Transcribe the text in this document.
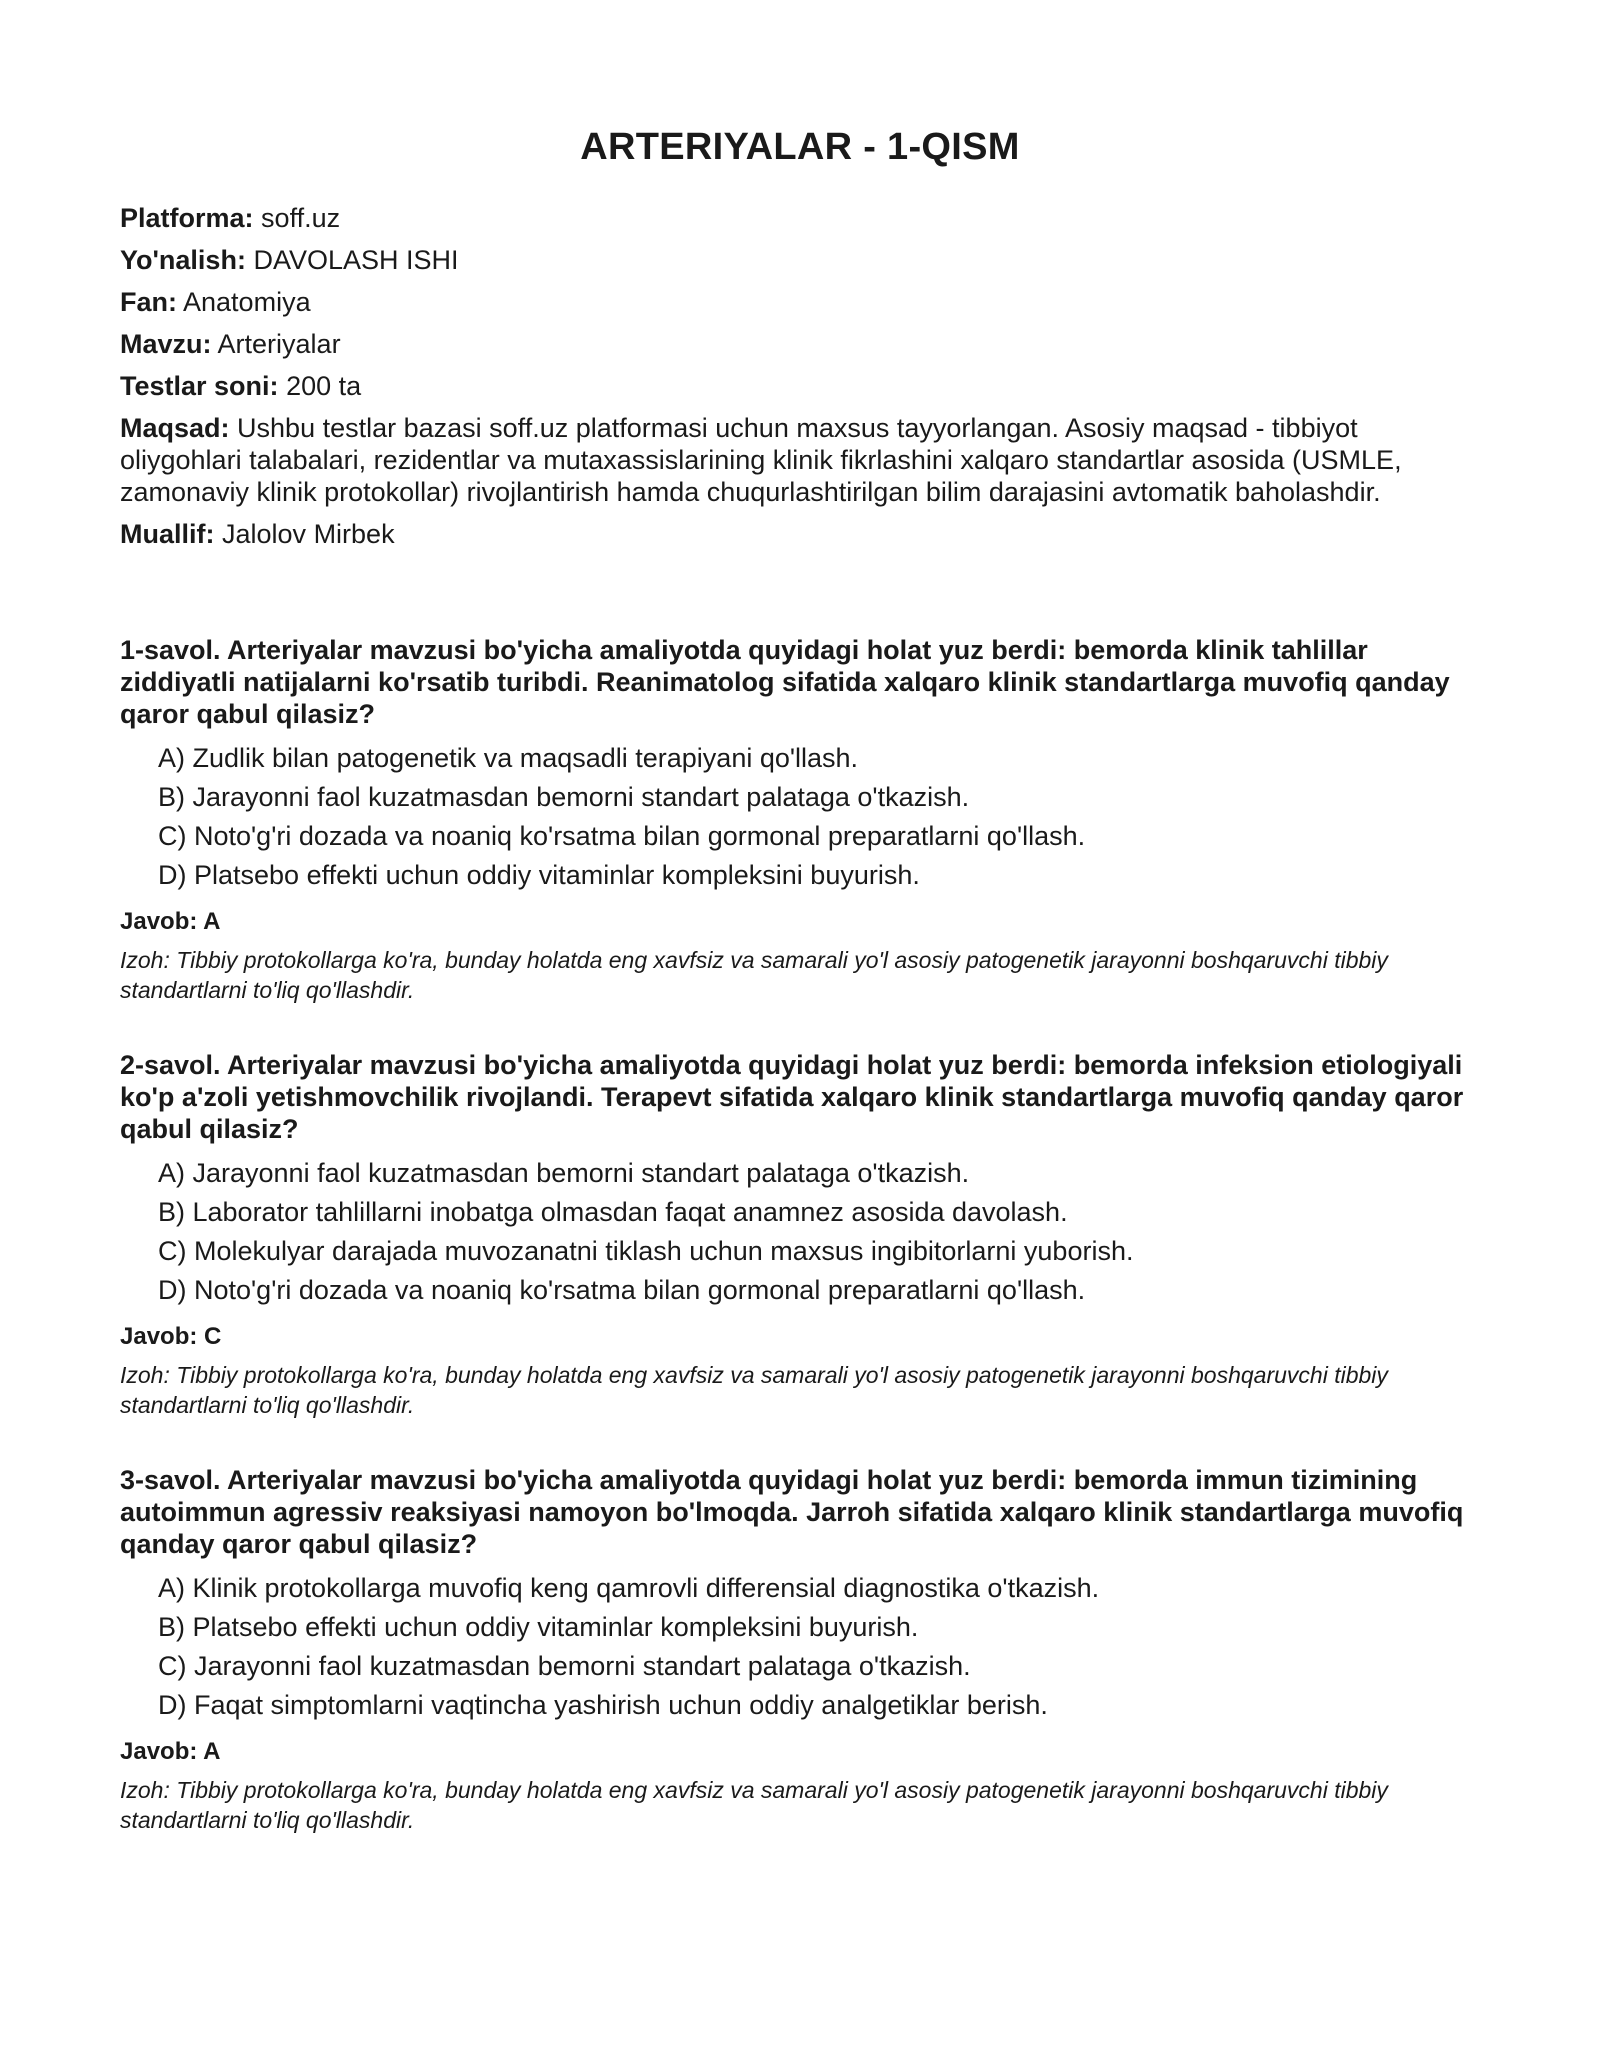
ARTERIYALAR - 1-QISM
Platforma: soff.uz
Yo'nalish: DAVOLASH ISHI
Fan: Anatomiya
Mavzu: Arteriyalar
Testlar soni: 200 ta
Maqsad: Ushbu testlar bazasi soff.uz platformasi uchun maxsus tayyorlangan. Asosiy maqsad - tibbiyot oliygohlari talabalari, rezidentlar va mutaxassislarining klinik fikrlashini xalqaro standartlar asosida (USMLE, zamonaviy klinik protokollar) rivojlantirish hamda chuqurlashtirilgan bilim darajasini avtomatik baholashdir.
Muallif: Jalolov Mirbek

1-savol. Arteriyalar mavzusi bo'yicha amaliyotda quyidagi holat yuz berdi: bemorda klinik tahlillar ziddiyatli natijalarni ko'rsatib turibdi. Reanimatolog sifatida xalqaro klinik standartlarga muvofiq qanday qaror qabul qilasiz?

A) Zudlik bilan patogenetik va maqsadli terapiyani qo'llash.
B) Jarayonni faol kuzatmasdan bemorni standart palataga o'tkazish.
C) Noto'g'ri dozada va noaniq ko'rsatma bilan gormonal preparatlarni qo'llash.
D) Platsebo effekti uchun oddiy vitaminlar kompleksini buyurish.
Javob: A

Izoh: Tibbiy protokollarga ko'ra, bunday holatda eng xavfsiz va samarali yo'l asosiy patogenetik jarayonni boshqaruvchi tibbiy standartlarni to'liq qo'llashdir.

2-savol. Arteriyalar mavzusi bo'yicha amaliyotda quyidagi holat yuz berdi: bemorda infeksion etiologiyali ko'p a'zoli yetishmovchilik rivojlandi. Terapevt sifatida xalqaro klinik standartlarga muvofiq qanday qaror qabul qilasiz?

A) Jarayonni faol kuzatmasdan bemorni standart palataga o'tkazish.
B) Laborator tahlillarni inobatga olmasdan faqat anamnez asosida davolash.
C) Molekulyar darajada muvozanatni tiklash uchun maxsus ingibitorlarni yuborish.
D) Noto'g'ri dozada va noaniq ko'rsatma bilan gormonal preparatlarni qo'llash.
Javob: C

Izoh: Tibbiy protokollarga ko'ra, bunday holatda eng xavfsiz va samarali yo'l asosiy patogenetik jarayonni boshqaruvchi tibbiy standartlarni to'liq qo'llashdir.

3-savol. Arteriyalar mavzusi bo'yicha amaliyotda quyidagi holat yuz berdi: bemorda immun tizimining autoimmun agressiv reaksiyasi namoyon bo'lmoqda. Jarroh sifatida xalqaro klinik standartlarga muvofiq qanday qaror qabul qilasiz?

A) Klinik protokollarga muvofiq keng qamrovli differensial diagnostika o'tkazish.
B) Platsebo effekti uchun oddiy vitaminlar kompleksini buyurish.
C) Jarayonni faol kuzatmasdan bemorni standart palataga o'tkazish.
D) Faqat simptomlarni vaqtincha yashirish uchun oddiy analgetiklar berish.
Javob: A

Izoh: Tibbiy protokollarga ko'ra, bunday holatda eng xavfsiz va samarali yo'l asosiy patogenetik jarayonni boshqaruvchi tibbiy standartlarni to'liq qo'llashdir.
